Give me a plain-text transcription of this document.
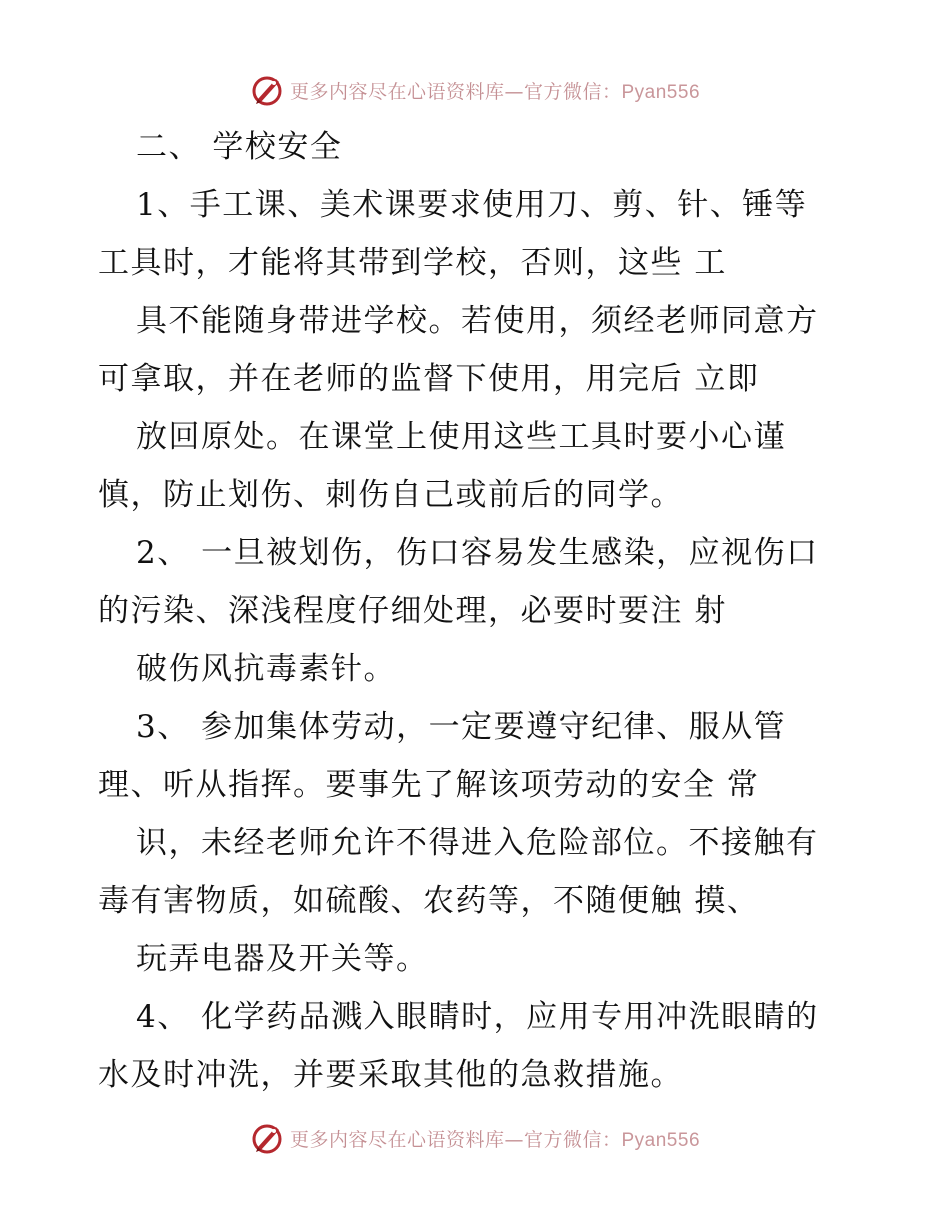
更多内容尽在心语资料库—官方微信：Pyan556
二、 学校安全
1、手工课、美术课要求使用刀、剪、针、锤等
工具时，才能将其带到学校，否则，这些 工
具不能随身带进学校。若使用，须经老师同意方
可拿取，并在老师的监督下使用，用完后 立即
放回原处。在课堂上使用这些工具时要小心谨
慎，防止划伤、刺伤自己或前后的同学。
2、 一旦被划伤，伤口容易发生感染，应视伤口
的污染、深浅程度仔细处理，必要时要注 射
破伤风抗毒素针。
3、 参加集体劳动，一定要遵守纪律、服从管
理、听从指挥。要事先了解该项劳动的安全 常
识，未经老师允许不得进入危险部位。不接触有
毒有害物质，如硫酸、农药等，不随便触 摸、
玩弄电器及开关等。
4、 化学药品溅入眼睛时，应用专用冲洗眼睛的
水及时冲洗，并要采取其他的急救措施。
更多内容尽在心语资料库—官方微信：Pyan556
